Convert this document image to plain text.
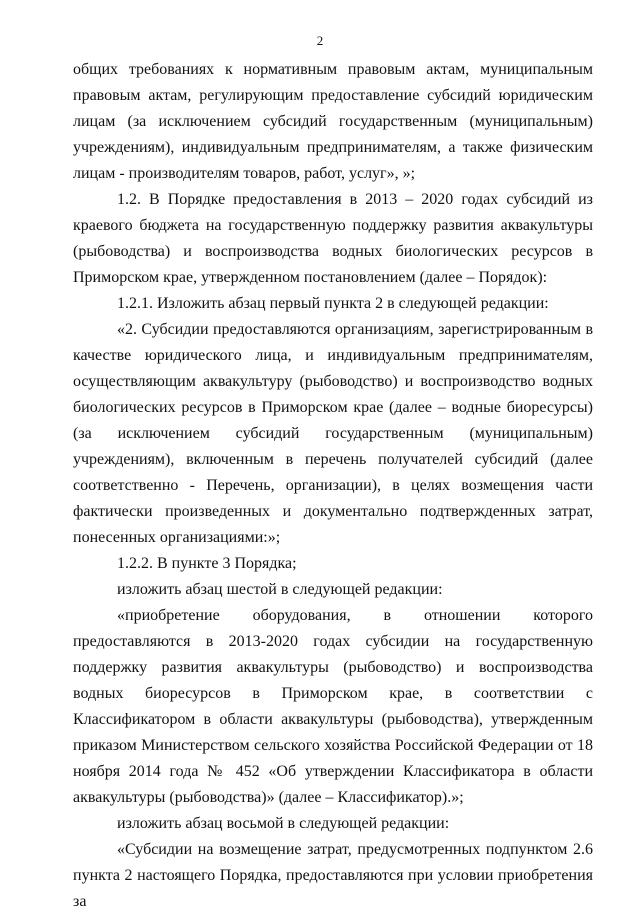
2

общих требованиях к нормативным правовым актам, муниципальным правовым актам, регулирующим предоставление субсидий юридическим лицам (за исключением субсидий государственным (муниципальным) учреждениям), индивидуальным предпринимателям, а также физическим лицам - производителям товаров, работ, услуг», »;

1.2. В Порядке предоставления в 2013 – 2020 годах субсидий из краевого бюджета на государственную поддержку развития аквакультуры (рыбоводства) и воспроизводства водных биологических ресурсов в Приморском крае, утвержденном постановлением (далее – Порядок):

1.2.1. Изложить абзац первый пункта 2 в следующей редакции:

«2. Субсидии предоставляются организациям, зарегистрированным в качестве юридического лица, и индивидуальным предпринимателям, осуществляющим аквакультуру (рыбоводство) и воспроизводство водных биологических ресурсов в Приморском крае (далее – водные биоресурсы) (за исключением субсидий государственным (муниципальным) учреждениям), включенным в перечень получателей субсидий (далее соответственно - Перечень, организации), в целях возмещения части фактически произведенных и документально подтвержденных затрат, понесенных организациями:»;

1.2.2. В пункте 3 Порядка;

изложить абзац шестой в следующей редакции:

«приобретение оборудования, в отношении которого предоставляются в 2013-2020 годах субсидии на государственную поддержку развития аквакультуры (рыбоводство) и воспроизводства водных биоресурсов в Приморском крае, в соответствии с Классификатором в области аквакультуры (рыбоводства), утвержденным приказом Министерством сельского хозяйства Российской Федерации от 18 ноября 2014 года № 452 «Об утверждении Классификатора в области аквакультуры (рыбоводства)» (далее – Классификатор).»;

изложить абзац восьмой в следующей редакции:

«Субсидии на возмещение затрат, предусмотренных подпунктом 2.6 пункта 2 настоящего Порядка, предоставляются при условии приобретения за
